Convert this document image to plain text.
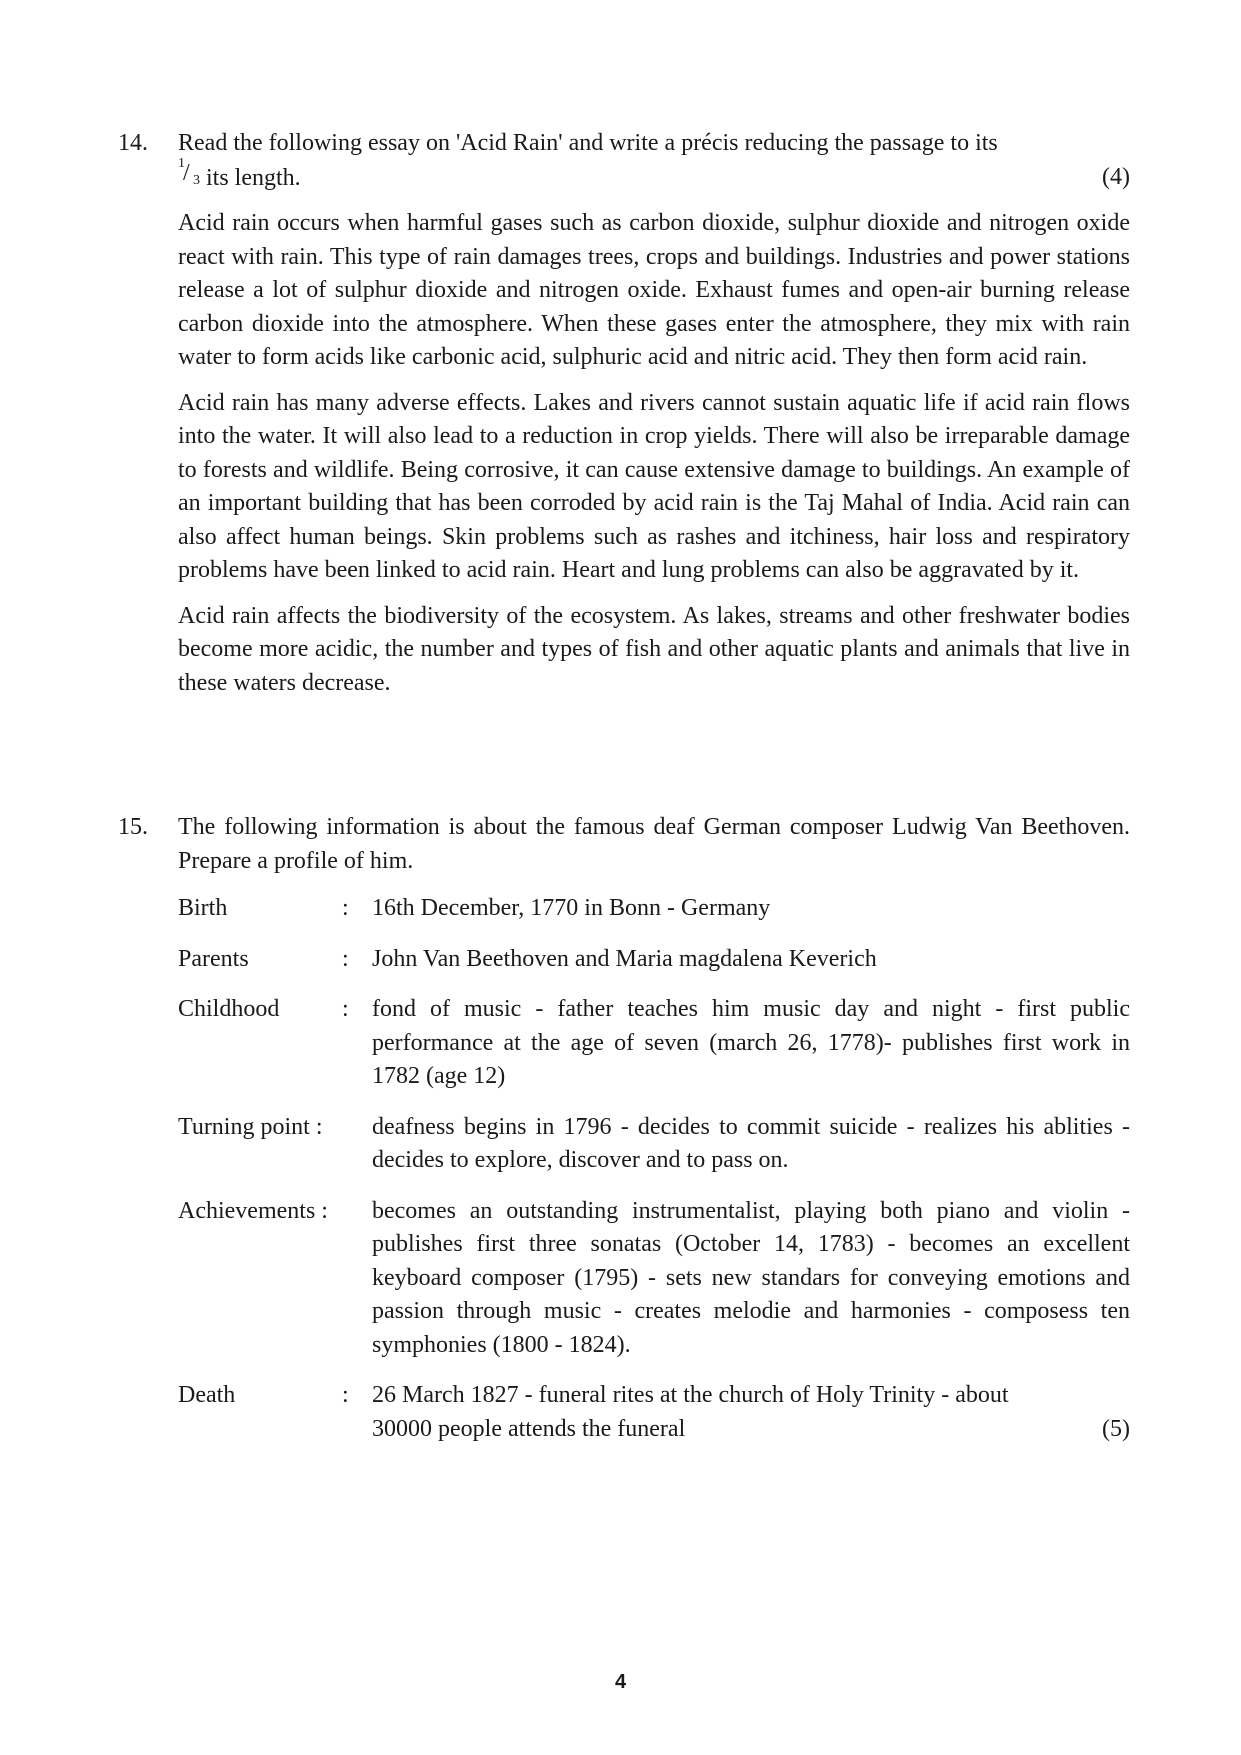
14. Read the following essay on 'Acid Rain' and write a précis reducing the passage to its

1
/ 3 its length.	(4)

Acid rain occurs when harmful gases such as carbon dioxide, sulphur dioxide and nitrogen oxide react with rain. This type of rain damages trees, crops and buildings. Industries and power stations release a lot of sulphur dioxide and nitrogen oxide. Exhaust fumes and open-air burning release carbon dioxide into the atmosphere. When these gases enter the atmosphere, they mix with rain water to form acids like carbonic acid, sulphuric acid and nitric acid. They then form acid rain.

Acid rain has many adverse effects. Lakes and rivers cannot sustain aquatic life if acid rain flows into the water. It will also lead to a reduction in crop yields. There will also be irreparable damage to forests and wildlife. Being corrosive, it can cause extensive damage to buildings. An example of an important building that has been corroded by acid rain is the Taj Mahal of India. Acid rain can also affect human beings. Skin problems such as rashes and itchiness, hair loss and respiratory problems have been linked to acid rain. Heart and lung problems can also be aggravated by it.

Acid rain affects the biodiversity of the ecosystem. As lakes, streams and other freshwater bodies become more acidic, the number and types of fish and other aquatic plants and animals that live in these waters decrease.

15. The following information is about the famous deaf German composer Ludwig Van Beethoven. Prepare a profile of him.

Birth	: 16th December, 1770 in Bonn - Germany
Parents	: John Van Beethoven and Maria magdalena Keverich
Childhood	: fond of music - father teaches him music day and night - first public performance at the age of seven (march 26, 1778)- publishes first work in 1782 (age 12)
Turning point :	deafness begins in 1796 - decides to commit suicide - realizes his ablities - decides to explore, discover and to pass on.
Achievements :	becomes an outstanding instrumentalist, playing both piano and violin - publishes first three sonatas (October 14, 1783) - becomes an excellent keyboard composer (1795) - sets new standars for conveying emotions and passion through music - creates melodie and harmonies - composess ten symphonies (1800 - 1824).
Death	: 26 March 1827 - funeral rites at the church of Holy Trinity - about
30000 people attends the funeral	(5)
4
